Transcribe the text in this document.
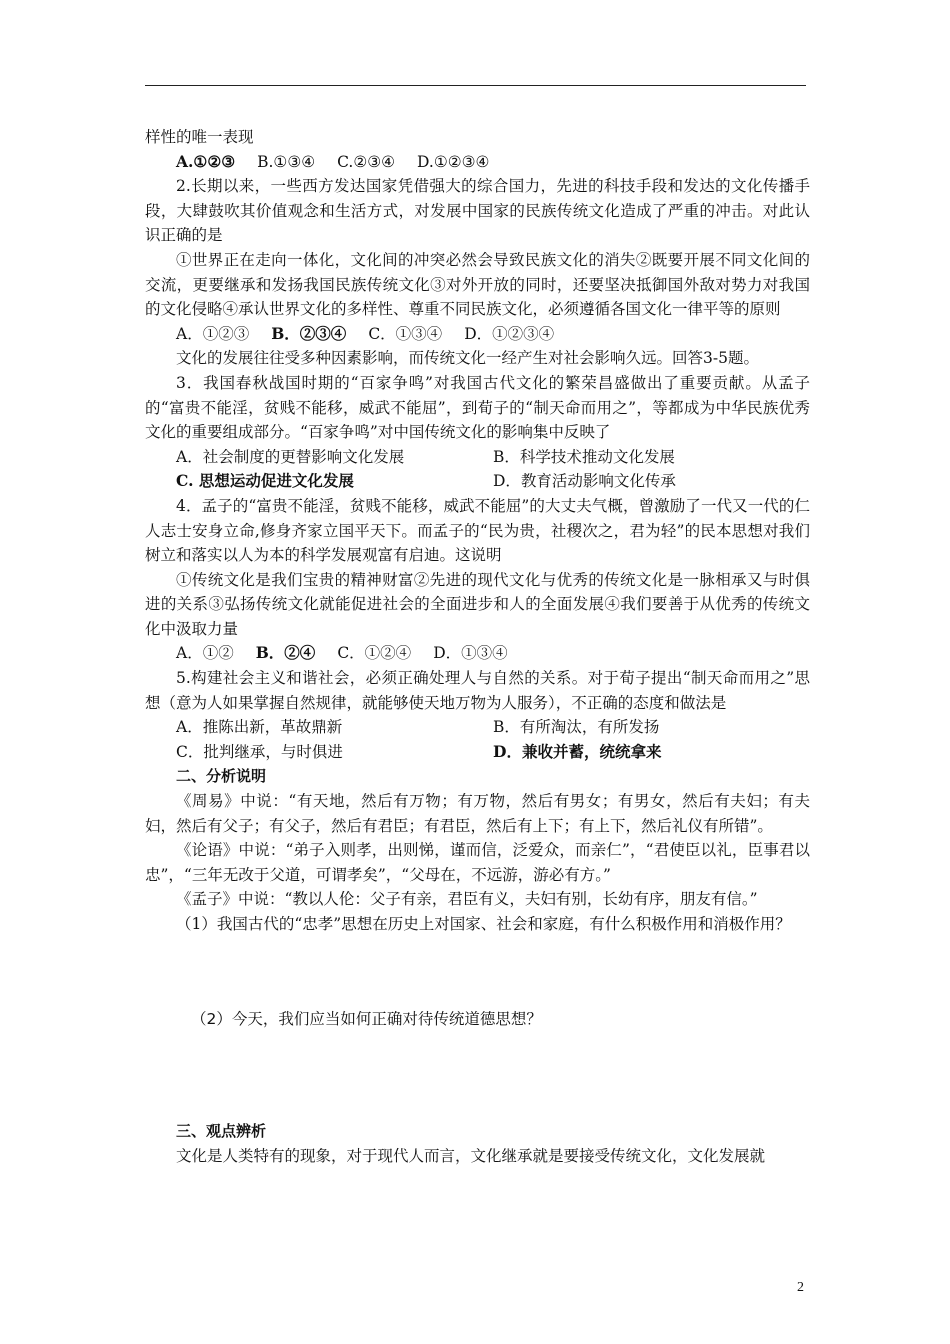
样性的唯一表现

A.①②③ B.①③④ C.②③④ D.①②③④

2.长期以来，一些西方发达国家凭借强大的综合国力，先进的科技手段和发达的文化传播手段，大肆鼓吹其价值观念和生活方式，对发展中国家的民族传统文化造成了严重的冲击。对此认识正确的是

①世界正在走向一体化，文化间的冲突必然会导致民族文化的消失②既要开展不同文化间的交流，更要继承和发扬我国民族传统文化③对外开放的同时，还要坚决抵御国外敌对势力对我国的文化侵略④承认世界文化的多样性、尊重不同民族文化，必须遵循各国文化一律平等的原则

A．①②③ B．②③④ C．①③④ D．①②③④

文化的发展往往受多种因素影响，而传统文化一经产生对社会影响久远。回答3-5题。

3．我国春秋战国时期的“百家争鸣”对我国古代文化的繁荣昌盛做出了重要贡献。从孟子的“富贵不能淫，贫贱不能移，威武不能屈”，到荀子的“制天命而用之”，等都成为中华民族优秀文化的重要组成部分。“百家争鸣”对中国传统文化的影响集中反映了

A．社会制度的更替影响文化发展	B．科学技术推动文化发展
C. 思想运动促进文化发展	D．教育活动影响文化传承

4．孟子的“富贵不能淫，贫贱不能移，威武不能屈”的大丈夫气概，曾激励了一代又一代的仁人志士安身立命,修身齐家立国平天下。而孟子的“民为贵，社稷次之，君为轻”的民本思想对我们树立和落实以人为本的科学发展观富有启迪。这说明

①传统文化是我们宝贵的精神财富②先进的现代文化与优秀的传统文化是一脉相承又与时俱进的关系③弘扬传统文化就能促进社会的全面进步和人的全面发展④我们要善于从优秀的传统文化中汲取力量

A．①② B．②④ C．①②④ D．①③④

5.构建社会主义和谐社会，必须正确处理人与自然的关系。对于荀子提出“制天命而用之”思想（意为人如果掌握自然规律，就能够使天地万物为人服务），不正确的态度和做法是

A．推陈出新，革故鼎新	B．有所淘汰，有所发扬
C．批判继承，与时俱进	D．兼收并蓄，统统拿来

二、分析说明

《周易》中说：“有天地，然后有万物；有万物，然后有男女；有男女，然后有夫妇；有夫妇，然后有父子；有父子，然后有君臣；有君臣，然后有上下；有上下，然后礼仪有所错”。

《论语》中说：“弟子入则孝，出则悌，谨而信，泛爱众，而亲仁”，“君使臣以礼，臣事君以忠”，“三年无改于父道，可谓孝矣”，“父母在，不远游，游必有方。”

《孟子》中说：“教以人伦：父子有亲，君臣有义，夫妇有别，长幼有序，朋友有信。”

（1）我国古代的“忠孝”思想在历史上对国家、社会和家庭，有什么积极作用和消极作用？

（2）今天，我们应当如何正确对待传统道德思想？

三、观点辨析

文化是人类特有的现象，对于现代人而言，文化继承就是要接受传统文化，文化发展就

2
